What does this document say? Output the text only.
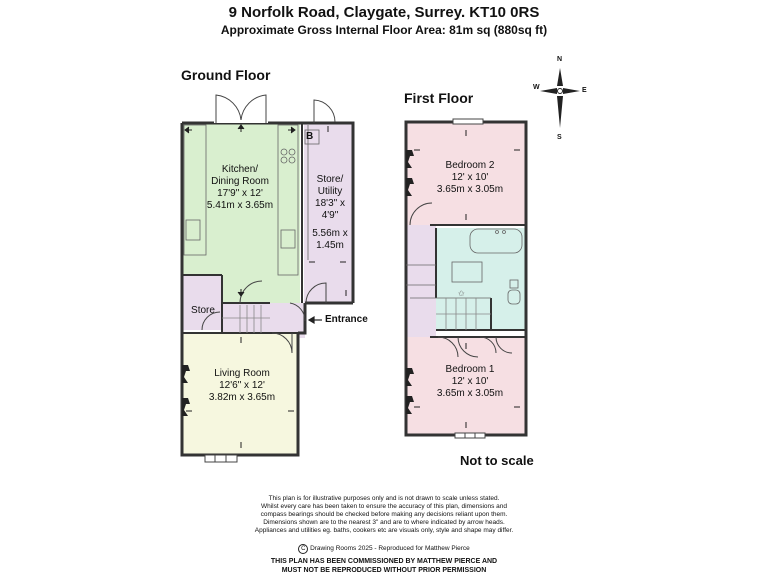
9 Norfolk Road, Claygate, Surrey. KT10 0RS
Approximate Gross Internal Floor Area: 81m sq (880sq ft)
Ground Floor
First Floor
✩
Kitchen/
Dining Room
17'9" x 12'
5.41m x 3.65m
Store/
Utility
18'3" x
4'9"
5.56m x
1.45m
Store
Living Room
12'6" x 12'
3.82m x 3.65m
B
Entrance
Bedroom 2
12' x 10'
3.65m x 3.05m
Bedroom 1
12' x 10'
3.65m x 3.05m
Not to scale
N
S
E
W
This plan is for illustrative purposes only and is not drawn to scale unless stated.
Whilst every care has been taken to ensure the accuracy of this plan, dimensions and
compass bearings should be checked before making any decisions reliant upon them.
Dimensions shown are to the nearest 3" and are to where indicated by arrow heads.
Appliances and utilities eg. baths, cookers etc are visuals only, style and shape may differ.
C Drawing Rooms 2025 - Reproduced for Matthew Pierce
THIS PLAN HAS BEEN COMMISSIONED BY MATTHEW PIERCE AND
MUST NOT BE REPRODUCED WITHOUT PRIOR PERMISSION
